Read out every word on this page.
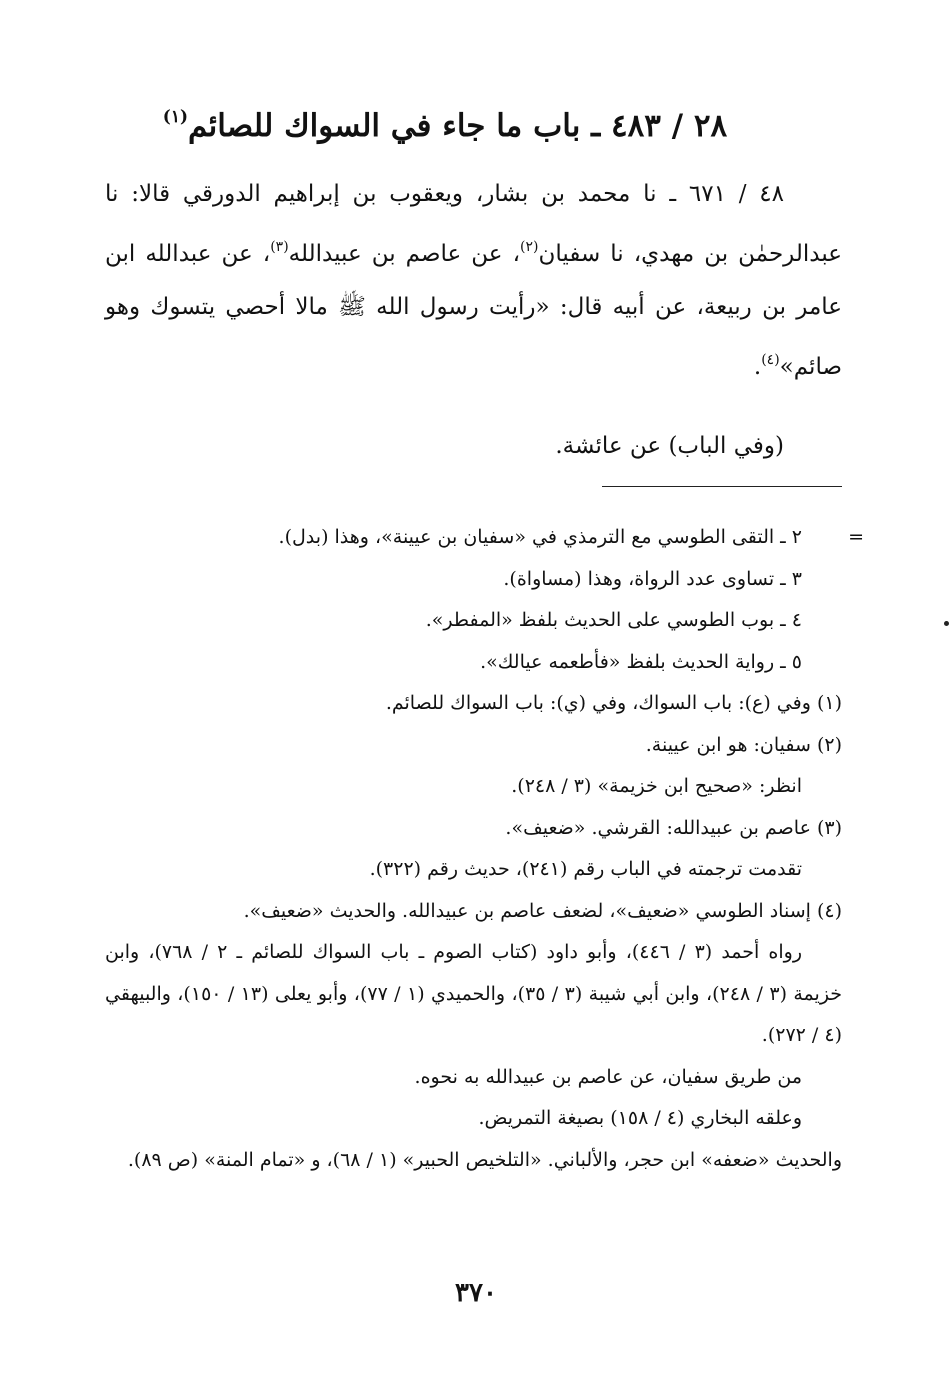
٢٨ / ٤٨٣ ـ باب ما جاء في السواك للصائم$^{(١)}$

٤٨ / ٦٧١ ـ نا محمد بن بشار، ويعقوب بن إبراهيم الدورقي قالا: نا عبدالرحمٰن بن مهدي، نا سفيان$^{(٢)}$، عن عاصم بن عبيدالله$^{(٣)}$، عن عبدالله ابن عامر بن ربيعة، عن أبيه قال: «رأيت رسول الله ﷺ مالا أحصي يتسوك وهو صائم»$^{(٤)}$.

(وفي الباب) عن عائشة.

=
٢ ـ التقى الطوسي مع الترمذي في «سفيان بن عيينة»، وهذا (بدل).
٣ ـ تساوى عدد الرواة، وهذا (مساواة).
٤ ـ بوب الطوسي على الحديث بلفظ «المفطر».
٥ ـ رواية الحديث بلفظ «فأطعمه عيالك».
(١) وفي (ع): باب السواك، وفي (ي): باب السواك للصائم.
(٢) سفيان: هو ابن عيينة.
انظر: «صحيح ابن خزيمة» (٣ / ٢٤٨).
(٣) عاصم بن عبيدالله: القرشي. «ضعيف».
تقدمت ترجمته في الباب رقم (٢٤١)، حديث رقم (٣٢٢).
(٤) إسناد الطوسي «ضعيف»، لضعف عاصم بن عبيدالله. والحديث «ضعيف».
رواه أحمد (٣ / ٤٤٦)، وأبو داود (كتاب الصوم ـ باب السواك للصائم ـ ٢ / ٧٦٨)، وابن خزيمة (٣ / ٢٤٨)، وابن أبي شيبة (٣ / ٣٥)، والحميدي (١ / ٧٧)، وأبو يعلى (١٣ / ١٥٠)، والبيهقي (٤ / ٢٧٢).
من طريق سفيان، عن عاصم بن عبيدالله به نحوه.
وعلقه البخاري (٤ / ١٥٨) بصيغة التمريض.
والحديث «ضعفه» ابن حجر، والألباني. «التلخيص الحبير» (١ / ٦٨)، و «تمام المنة» (ص ٨٩).
٣٧٠
